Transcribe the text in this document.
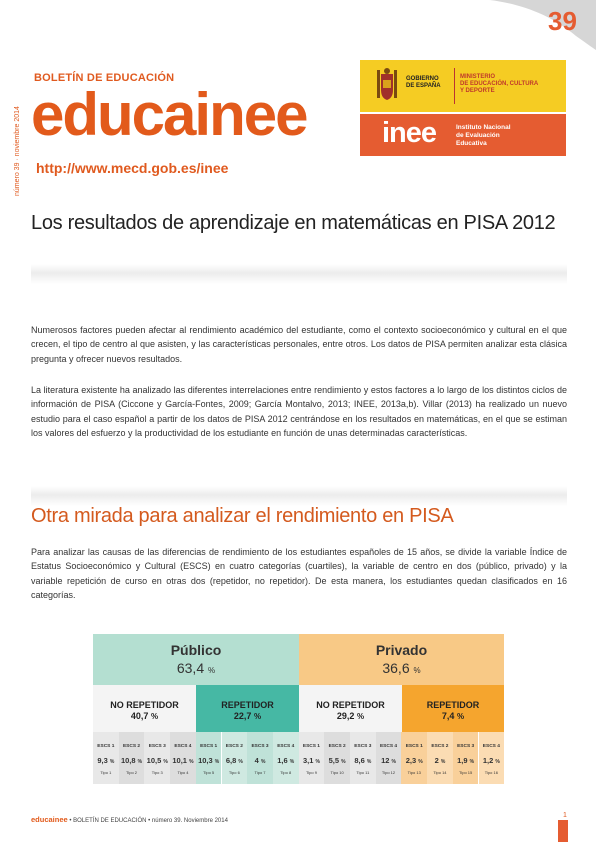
39
número 39 · noviembre 2014
BOLETÍN DE EDUCACIÓN
educainee
http://www.mecd.gob.es/inee
GOBIERNO
DE ESPAÑA
MINISTERIO
DE EDUCACIÓN, CULTURA
Y DEPORTE
inee	Instituto Nacional
de Evaluación
Educativa
Los resultados de aprendizaje en matemáticas en PISA 2012

Numerosos factores pueden afectar al rendimiento académico del estudiante, como el contexto socioeconómico y cultural en el que crecen, el tipo de centro al que asisten, y las características personales, entre otros. Los datos de PISA permiten analizar esta clásica pregunta y ofrecer nuevos resultados.

La literatura existente ha analizado las diferentes interrelaciones entre rendimiento y estos factores a lo largo de los distintos ciclos de información de PISA (Ciccone y García-Fontes, 2009; García Montalvo, 2013; INEE, 2013a,b). Villar (2013) ha realizado un nuevo estudio para el caso español a partir de los datos de PISA 2012 centrándose en los resultados en matemáticas, en el que se estiman los valores del esfuerzo y la productividad de los estudiante en función de unas determinadas características.

Otra mirada para analizar el rendimiento en PISA

Para analizar las causas de las diferencias de rendimiento de los estudiantes españoles de 15 años, se divide la variable Índice de Estatus Socioeconómico y Cultural (ESCS) en cuatro categorías (cuartiles), la variable de centro en dos (público, privado) y la variable repetición de curso en otras dos (repetidor, no repetidor). De esta manera, los estudiantes quedan clasificados en 16 categorías.

Público
63,4 %
Privado
36,6 %
NO REPETIDOR
40,7 %
REPETIDOR
22,7 %
NO REPETIDOR
29,2 %
REPETIDOR
7,4 %
ESCS 1
9,3 %
Tipo 1
ESCS 2
10,8 %
Tipo 2
ESCS 3
10,5 %
Tipo 3
ESCS 4
10,1 %
Tipo 4
ESCS 1
10,3 %
Tipo 5
ESCS 2
6,8 %
Tipo 6
ESCS 3
4 %
Tipo 7
ESCS 4
1,6 %
Tipo 8
ESCS 1
3,1 %
Tipo 9
ESCS 2
5,5 %
Tipo 10
ESCS 3
8,6 %
Tipo 11
ESCS 4
12 %
Tipo 12
ESCS 1
2,3 %
Tipo 13
ESCS 2
2 %
Tipo 14
ESCS 3
1,9 %
Tipo 15
ESCS 4
1,2 %
Tipo 16
educainee • BOLETÍN DE EDUCACIÓN • número 39. Noviembre 2014
1
